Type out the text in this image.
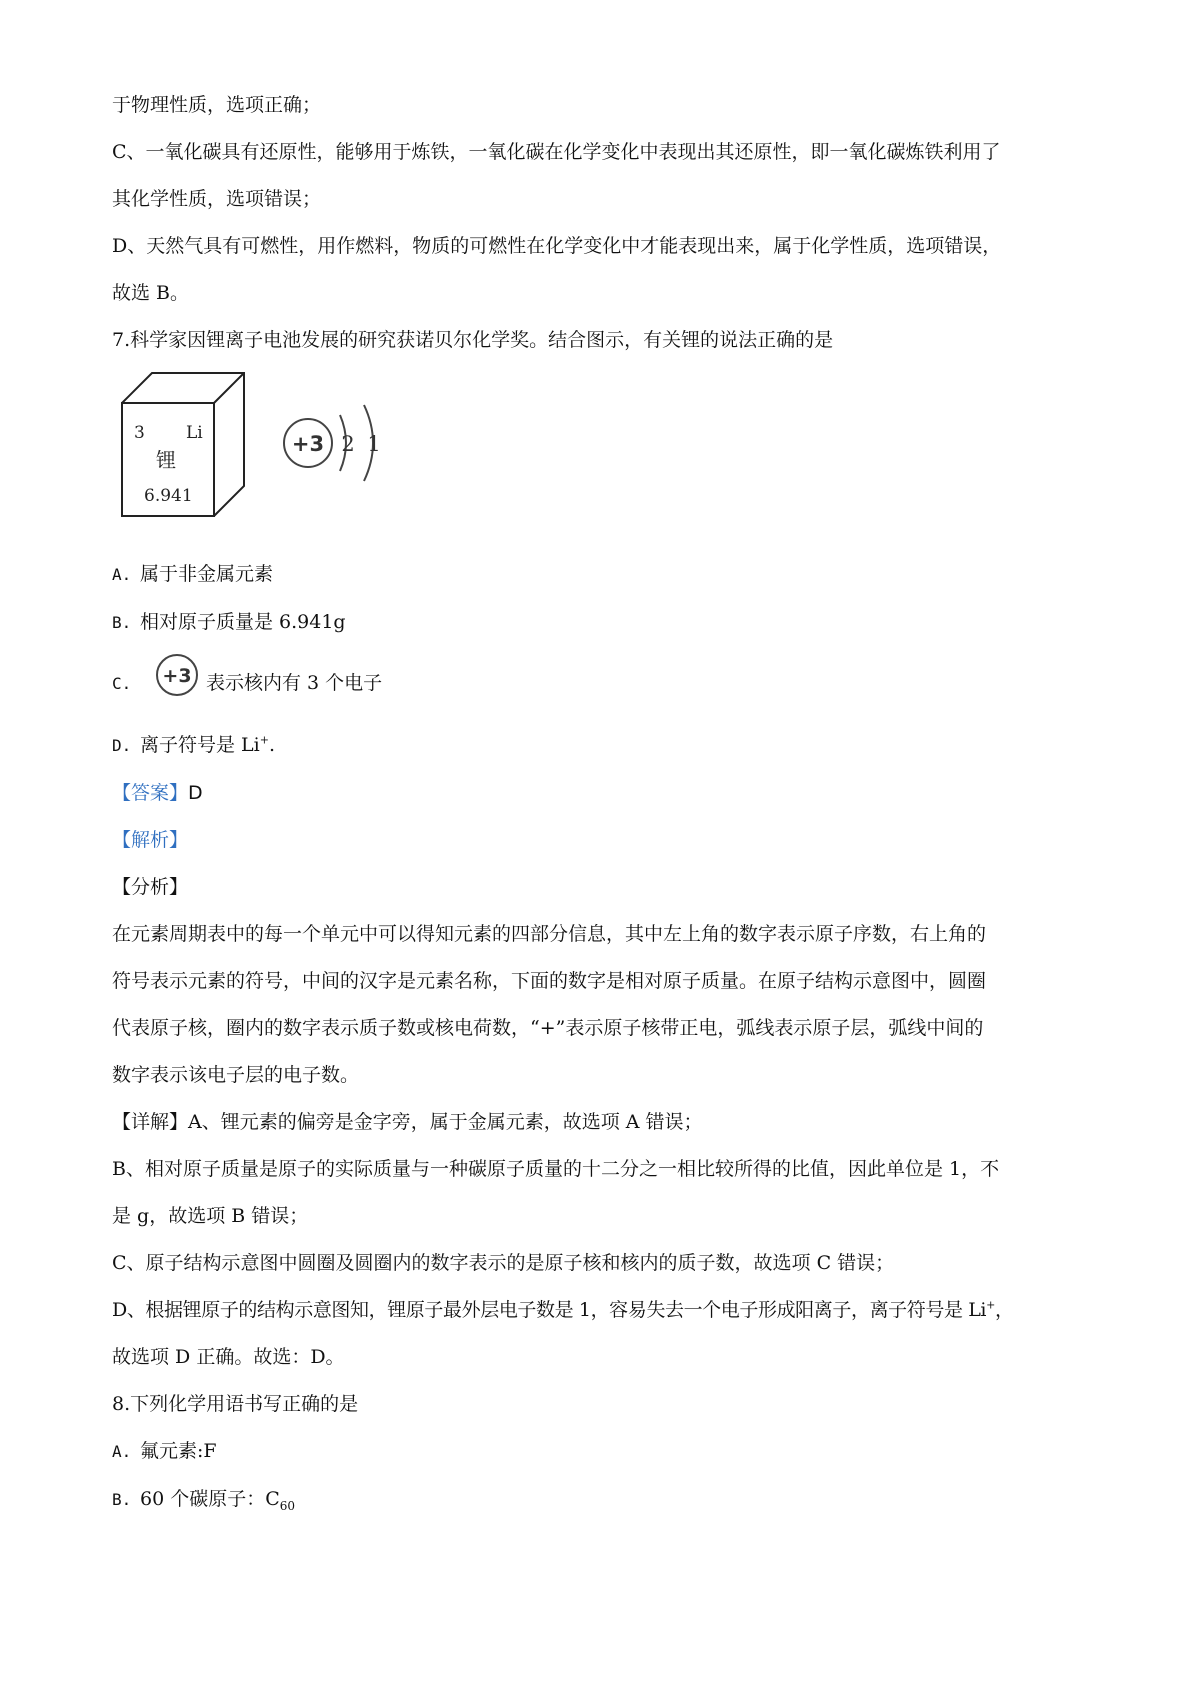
于物理性质，选项正确；

C、一氧化碳具有还原性，能够用于炼铁，一氧化碳在化学变化中表现出其还原性，即一氧化碳炼铁利用了

其化学性质，选项错误；

D、天然气具有可燃性，用作燃料，物质的可燃性在化学变化中才能表现出来，属于化学性质，选项错误，

故选 B。

7.科学家因锂离子电池发展的研究获诺贝尔化学奖。结合图示，有关锂的说法正确的是

3 Li
锂
6.941
+3 2 1

A. 属于非金属元素

B. 相对原子质量是 6.941g

C. +3 表示核内有 3 个电子

D. 离子符号是 Li+.

【答案】D

【解析】

【分析】

在元素周期表中的每一个单元中可以得知元素的四部分信息，其中左上角的数字表示原子序数，右上角的

符号表示元素的符号，中间的汉字是元素名称，下面的数字是相对原子质量。在原子结构示意图中，圆圈

代表原子核，圈内的数字表示质子数或核电荷数，“+”表示原子核带正电，弧线表示原子层，弧线中间的

数字表示该电子层的电子数。

【详解】A、锂元素的偏旁是金字旁，属于金属元素，故选项 A 错误；

B、相对原子质量是原子的实际质量与一种碳原子质量的十二分之一相比较所得的比值，因此单位是 1，不

是 g，故选项 B 错误；

C、原子结构示意图中圆圈及圆圈内的数字表示的是原子核和核内的质子数，故选项 C 错误；

D、根据锂原子的结构示意图知，锂原子最外层电子数是 1，容易失去一个电子形成阳离子，离子符号是 Li+，

故选项 D 正确。故选：D。

8.下列化学用语书写正确的是

A. 氟元素:F

B. 60 个碳原子：$C_{60}$
